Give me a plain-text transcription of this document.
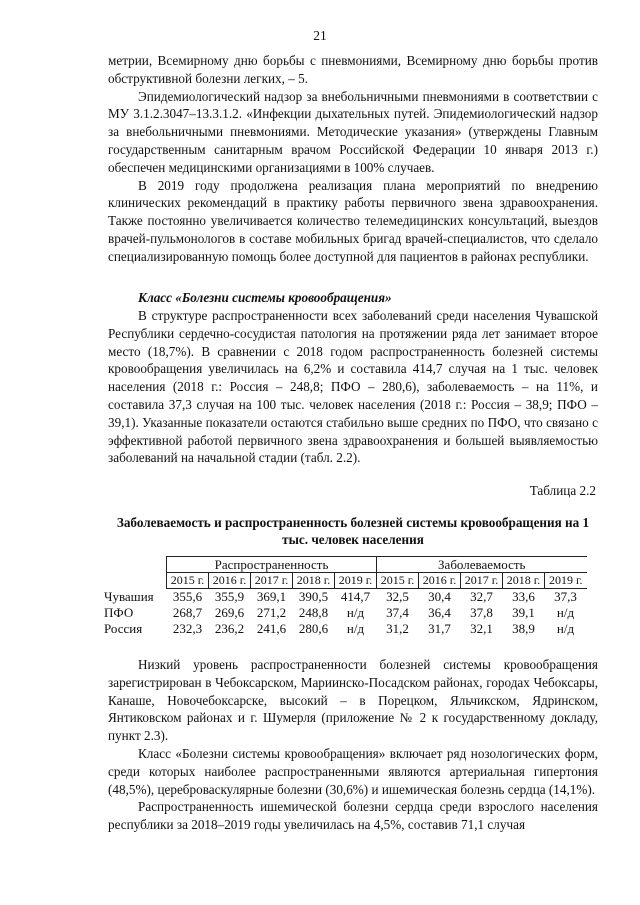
21

метрии, Всемирному дню борьбы с пневмониями, Всемирному дню борьбы против обструктивной болезни легких, – 5.

Эпидемиологический надзор за внебольничными пневмониями в соответствии с МУ 3.1.2.3047–13.3.1.2. «Инфекции дыхательных путей. Эпидемиологический надзор за внебольничными пневмониями. Методические указания» (утверждены Главным государственным санитарным врачом Российской Федерации 10 января 2013 г.) обеспечен медицинскими организациями в 100% случаев.

В 2019 году продолжена реализация плана мероприятий по внедрению клинических рекомендаций в практику работы первичного звена здравоохранения. Также постоянно увеличивается количество телемедицинских консультаций, выездов врачей-пульмонологов в составе мобильных бригад врачей-специалистов, что сделало специализированную помощь более доступной для пациентов в районах республики.

Класс «Болезни системы кровообращения»

В структуре распространенности всех заболеваний среди населения Чувашской Республики сердечно-сосудистая патология на протяжении ряда лет занимает второе место (18,7%). В сравнении с 2018 годом распространенность болезней системы кровообращения увеличилась на 6,2% и составила 414,7 случая на 1 тыс. человек населения (2018 г.: Россия – 248,8; ПФО – 280,6), заболеваемость – на 11%, и составила 37,3 случая на 100 тыс. человек населения (2018 г.: Россия – 38,9; ПФО – 39,1). Указанные показатели остаются стабильно выше средних по ПФО, что связано с эффективной работой первичного звена здравоохранения и большей выявляемостью заболеваний на начальной стадии (табл. 2.2).

Таблица 2.2
Заболеваемость и распространенность болезней системы кровообращения на 1 тыс. человек населения
	Распространенность					Заболеваемость				
	2015 г.	2016 г.	2017 г.	2018 г.	2019 г.	2015 г.	2016 г.	2017 г.	2018 г.	2019 г.
Чувашия	355,6	355,9	369,1	390,5	414,7	32,5	30,4	32,7	33,6	37,3
ПФО	268,7	269,6	271,2	248,8	н/д	37,4	36,4	37,8	39,1	н/д
Россия	232,3	236,2	241,6	280,6	н/д	31,2	31,7	32,1	38,9	н/д

Низкий уровень распространенности болезней системы кровообращения зарегистрирован в Чебоксарском, Мариинско-Посадском районах, городах Чебоксары, Канаше, Новочебоксарске, высокий – в Порецком, Яльчикском, Ядринском, Янтиковском районах и г. Шумерля (приложение № 2 к государственному докладу, пункт 2.3).

Класс «Болезни системы кровообращения» включает ряд нозологических форм, среди которых наиболее распространенными являются артериальная гипертония (48,5%), цереброваскулярные болезни (30,6%) и ишемическая болезнь сердца (14,1%).

Распространенность ишемической болезни сердца среди взрослого населения республики за 2018–2019 годы увеличилась на 4,5%, составив 71,1 случая
